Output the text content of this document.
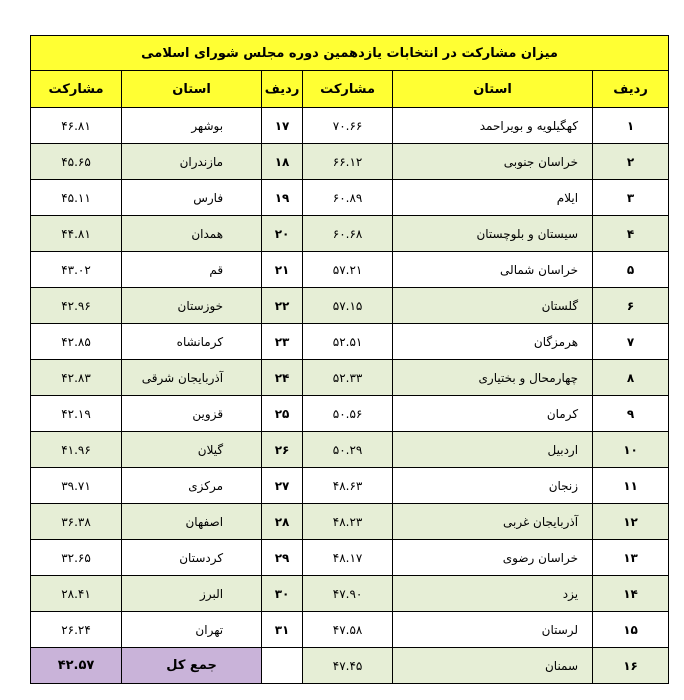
میزان مشارکت در انتخابات یازدهمین دوره مجلس شورای اسلامی					
ردیف	استان	مشارکت	ردیف	استان	مشارکت
۱	کهگیلویه و بویراحمد	۷۰.۶۶	۱۷	بوشهر	۴۶.۸۱
۲	خراسان جنوبی	۶۶.۱۲	۱۸	مازندران	۴۵.۶۵
۳	ایلام	۶۰.۸۹	۱۹	فارس	۴۵.۱۱
۴	سیستان و بلوچستان	۶۰.۶۸	۲۰	همدان	۴۴.۸۱
۵	خراسان شمالی	۵۷.۲۱	۲۱	قم	۴۳.۰۲
۶	گلستان	۵۷.۱۵	۲۲	خوزستان	۴۲.۹۶
۷	هرمزگان	۵۲.۵۱	۲۳	کرمانشاه	۴۲.۸۵
۸	چهارمحال و بختیاری	۵۲.۳۳	۲۴	آذربایجان شرقی	۴۲.۸۳
۹	کرمان	۵۰.۵۶	۲۵	قزوین	۴۲.۱۹
۱۰	اردبیل	۵۰.۲۹	۲۶	گیلان	۴۱.۹۶
۱۱	زنجان	۴۸.۶۳	۲۷	مرکزی	۳۹.۷۱
۱۲	آذربایجان غربی	۴۸.۲۳	۲۸	اصفهان	۳۶.۳۸
۱۳	خراسان رضوی	۴۸.۱۷	۲۹	کردستان	۳۲.۶۵
۱۴	یزد	۴۷.۹۰	۳۰	البرز	۲۸.۴۱
۱۵	لرستان	۴۷.۵۸	۳۱	تهران	۲۶.۲۴
۱۶	سمنان	۴۷.۴۵		جمع کل	۴۲.۵۷
